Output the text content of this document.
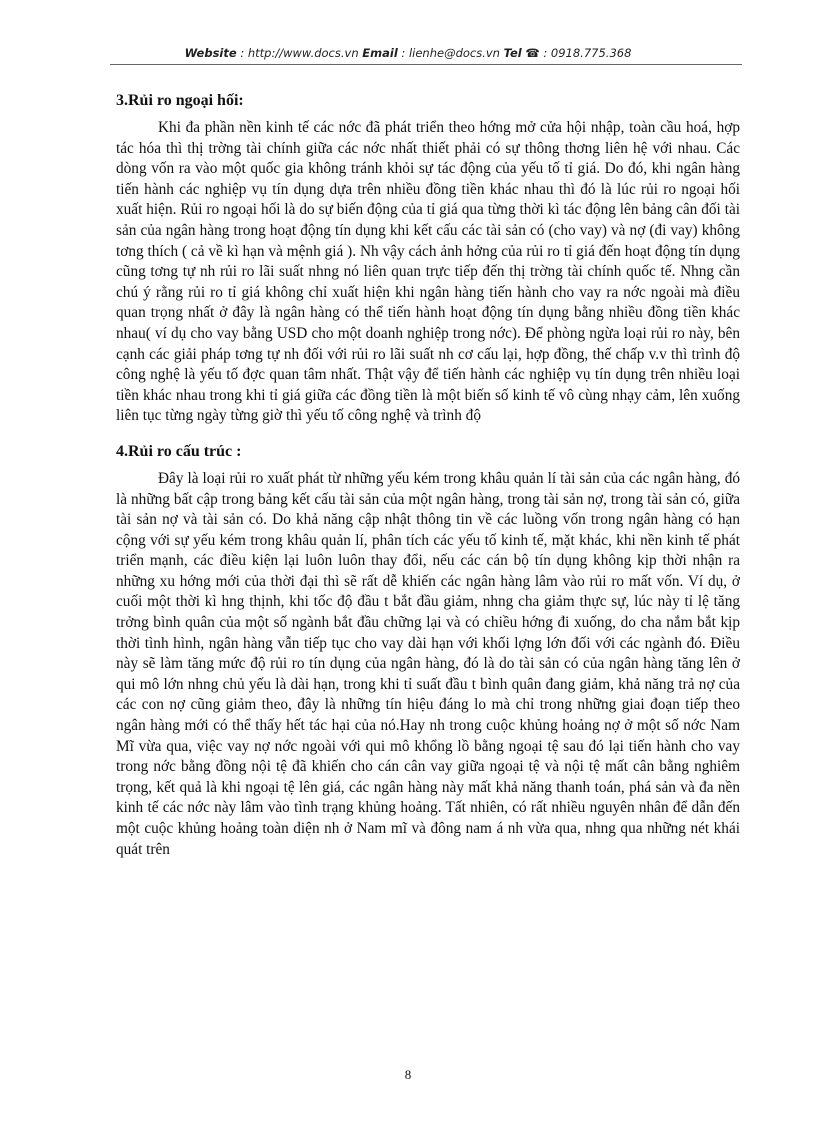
Website : http://www.docs.vn Email : lienhe@docs.vn Tel ☎ : 0918.775.368
3.Rủi ro ngoại hối:

Khi đa phần nền kinh tế các nớc đã phát triển theo hớng mở cửa hội nhập, toàn cầu hoá, hợp tác hóa thì thị trờng tài chính giữa các nớc nhất thiết phải có sự thông thơng liên hệ với nhau. Các dòng vốn ra vào một quốc gia không tránh khỏi sự tác động của yếu tố tỉ giá. Do đó, khi ngân hàng tiến hành các nghiệp vụ tín dụng dựa trên nhiều đồng tiền khác nhau thì đó là lúc rủi ro ngoại hối xuất hiện. Rủi ro ngoại hối là do sự biến động của tỉ giá qua từng thời kì tác động lên bảng cân đối tài sản của ngân hàng trong hoạt động tín dụng khi kết cấu các tài sản có (cho vay) và nợ (đi vay) không tơng thích ( cả về kì hạn và mệnh giá ). Nh vậy cách ảnh hởng của rủi ro tỉ giá đến hoạt động tín dụng cũng tơng tự nh rủi ro lãi suất nhng nó liên quan trực tiếp đến thị trờng tài chính quốc tế. Nhng cần chú ý rằng rủi ro tỉ giá không chỉ xuất hiện khi ngân hàng tiến hành cho vay ra nớc ngoài mà điều quan trọng nhất ở đây là ngân hàng có thể tiến hành hoạt động tín dụng bằng nhiều đồng tiền khác nhau( ví dụ cho vay bằng USD cho một doanh nghiệp trong nớc). Để phòng ngừa loại rủi ro này, bên cạnh các giải pháp tơng tự nh đối với rủi ro lãi suất nh cơ cấu lại, hợp đồng, thế chấp v.v thì trình độ công nghệ là yếu tố đợc quan tâm nhất. Thật vậy để tiến hành các nghiệp vụ tín dụng trên nhiều loại tiền khác nhau trong khi tỉ giá giữa các đồng tiền là một biến số kinh tế vô cùng nhạy cảm, lên xuống liên tục từng ngày từng giờ thì yếu tố công nghệ và trình độ

4.Rủi ro cấu trúc :

Đây là loại rủi ro xuất phát từ những yếu kém trong khâu quản lí tài sản của các ngân hàng, đó là những bất cập trong bảng kết cấu tài sản của một ngân hàng, trong tài sản nợ, trong tài sản có, giữa tài sản nợ và tài sản có. Do khả năng cập nhật thông tin về các luồng vốn trong ngân hàng có hạn cộng với sự yếu kém trong khâu quản lí, phân tích các yếu tố kinh tế, mặt khác, khi nền kinh tế phát triển mạnh, các điều kiện lại luôn luôn thay đổi, nếu các cán bộ tín dụng không kịp thời nhận ra những xu hớng mới của thời đại thì sẽ rất dễ khiến các ngân hàng lâm vào rủi ro mất vốn. Ví dụ, ở cuối một thời kì hng thịnh, khi tốc độ đầu t bắt đầu giảm, nhng cha giảm thực sự, lúc này tỉ lệ tăng trởng bình quân của một số ngành bắt đầu chững lại và có chiều hớng đi xuống, do cha nắm bắt kịp thời tình hình, ngân hàng vẫn tiếp tục cho vay dài hạn với khối lợng lớn đối với các ngành đó. Điều này sẽ làm tăng mức độ rủi ro tín dụng của ngân hàng, đó là do tài sản có của ngân hàng tăng lên ở qui mô lớn nhng chủ yếu là dài hạn, trong khi tỉ suất đầu t bình quân đang giảm, khả năng trả nợ của các con nợ cũng giảm theo, đây là những tín hiệu đáng lo mà chỉ trong những giai đoạn tiếp theo ngân hàng mới có thể thấy hết tác hại của nó.Hay nh trong cuộc khủng hoảng nợ ở một số nớc Nam Mĩ vừa qua, việc vay nợ nớc ngoài với qui mô khổng lồ bằng ngoại tệ sau đó lại tiến hành cho vay trong nớc bằng đồng nội tệ đã khiến cho cán cân vay giữa ngoại tệ và nội tệ mất cân bằng nghiêm trọng, kết quả là khi ngoại tệ lên giá, các ngân hàng này mất khả năng thanh toán, phá sản và đa nền kinh tế các nớc này lâm vào tình trạng khủng hoảng. Tất nhiên, có rất nhiều nguyên nhân để dẫn đến một cuộc khủng hoảng toàn diện nh ở Nam mĩ và đông nam á nh vừa qua, nhng qua những nét khái quát trên

8
